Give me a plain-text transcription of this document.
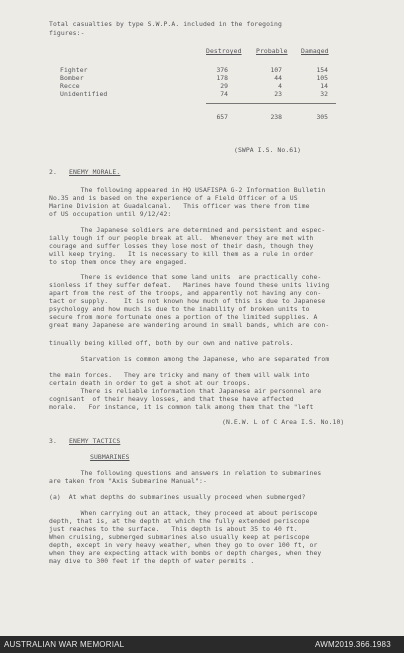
Total casualties by type S.W.P.A. included in the foregoing
figures:-
Destroyed Probable Damaged
Fighter	376	107	154
Bomber	178	44	105
Recce	29	4	14
Unidentified	74	23	32
657	238	305
(SWPA I.S. No.61)
2. ENEMY MORALE.
The following appeared in HQ USAFISPA G-2 Information Bulletin
No.35 and is based on the experience of a Field Officer of a US
Marine Division at Guadalcanal.   This officer was there from time
of US occupation until 9/12/42:
The Japanese soldiers are determined and persistent and espec-
ially tough if our people break at all.  Whenever they are met with
courage and suffer losses they lose most of their dash, though they
will keep trying.   It is necessary to kill them as a rule in order
to stop them once they are engaged.
There is evidence that some land units  are practically cohe-
sionless if they suffer defeat.   Marines have found these units living
apart from the rest of the troops, and apparently not having any con-
tact or supply.    It is not known how much of this is due to Japanese
psychology and how much is due to the inability of broken units to
secure from more fortunate ones a portion of the limited supplies. A
great many Japanese are wandering around in small bands, which are con-
tinually being killed off, both by our own and native patrols.
Starvation is common among the Japanese, who are separated from
the main forces.   They are tricky and many of them will walk into
certain death in order to get a shot at our troops.
There is reliable information that Japanese air personnel are
cognisant  of their heavy losses, and that these have affected
morale.   For instance, it is common talk among them that the "left
(N.E.W. L of C Area I.S. No.10)
3. ENEMY TACTICS
SUBMARINES
The following questions and answers in relation to submarines
are taken from "Axis Submarine Manual":-
(a)  At what depths do submarines usually proceed when submerged?
When carrying out an attack, they proceed at about periscope
depth, that is, at the depth at which the fully extended periscope
just reaches to the surface.   This depth is about 35 to 40 ft.
When cruising, submerged submarines also usually keep at periscope
depth, except in very heavy weather, when they go to over 100 ft, or
when they are expecting attack with bombs or depth charges, when they
may dive to 300 feet if the depth of water permits .
AUSTRALIAN WAR MEMORIAL	AWM2019.366.1983
